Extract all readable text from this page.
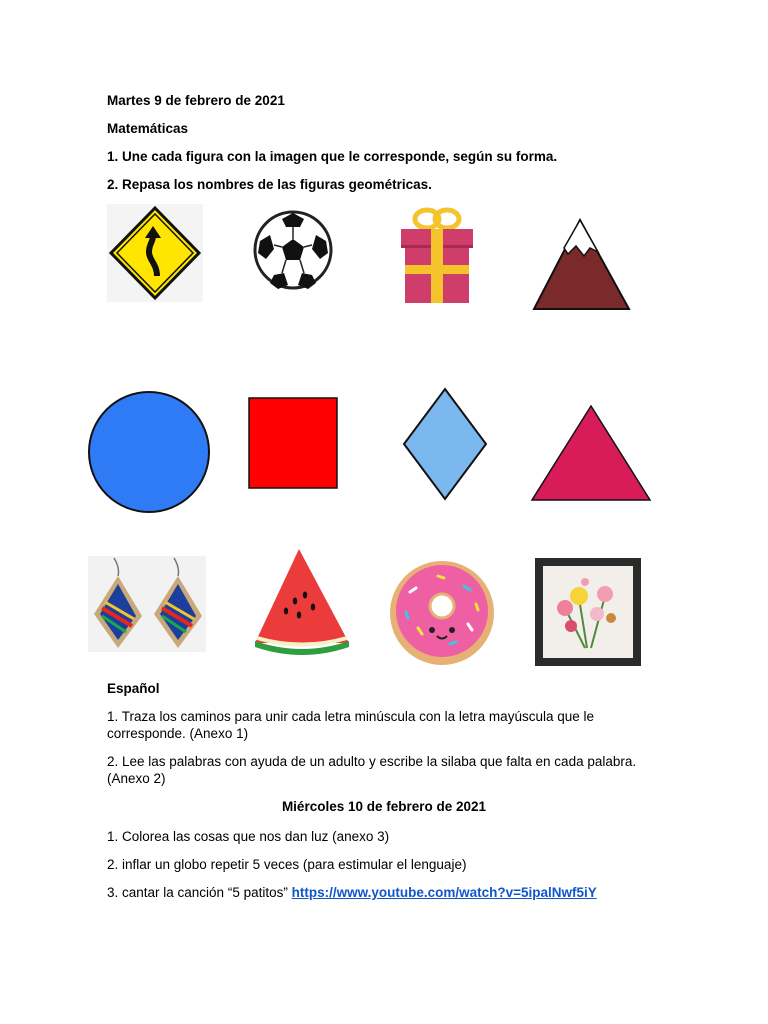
Martes 9 de febrero de 2021
Matemáticas
1. Une cada figura con la imagen que le corresponde, según su forma.
2. Repasa los nombres de las figuras geométricas.
Español
1. Traza los caminos para unir cada letra minúscula con la letra mayúscula que le corresponde. (Anexo 1)
2. Lee las palabras con ayuda de un adulto y escribe la silaba que falta en cada palabra. (Anexo 2)
Miércoles 10 de febrero de 2021
1. Colorea las cosas que nos dan luz (anexo 3)
2. inflar un globo repetir 5 veces (para estimular el lenguaje)
3. cantar la canción “5 patitos” https://www.youtube.com/watch?v=5ipalNwf5iY
